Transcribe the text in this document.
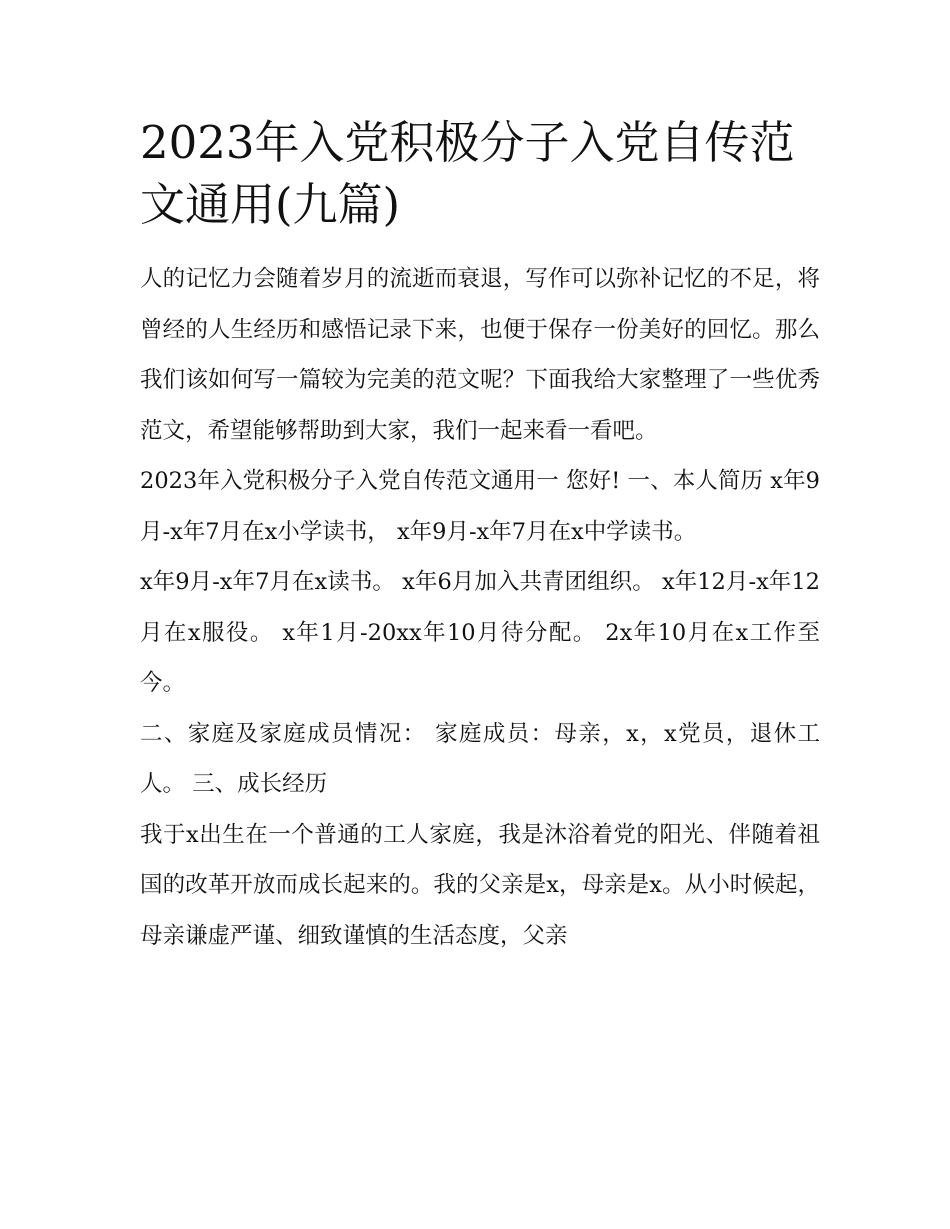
2023年入党积极分子入党自传范文通用(九篇)

人的记忆力会随着岁月的流逝而衰退，写作可以弥补记忆的不足，将曾经的人生经历和感悟记录下来，也便于保存一份美好的回忆。那么我们该如何写一篇较为完美的范文呢？下面我给大家整理了一些优秀范文，希望能够帮助到大家，我们一起来看一看吧。

2023年入党积极分子入党自传范文通用一 您好! 一、本人简历 x年9月-x年7月在x小学读书， x年9月-x年7月在x中学读书。

x年9月-x年7月在x读书。 x年6月加入共青团组织。 x年12月-x年12月在x服役。 x年1月-20xx年10月待分配。 2x年10月在x工作至今。

二、家庭及家庭成员情况： 家庭成员：母亲，x，x党员，退休工人。 三、成长经历

我于x出生在一个普通的工人家庭，我是沐浴着党的阳光、伴随着祖国的改革开放而成长起来的。我的父亲是x，母亲是x。从小时候起，母亲谦虚严谨、细致谨慎的生活态度，父亲
